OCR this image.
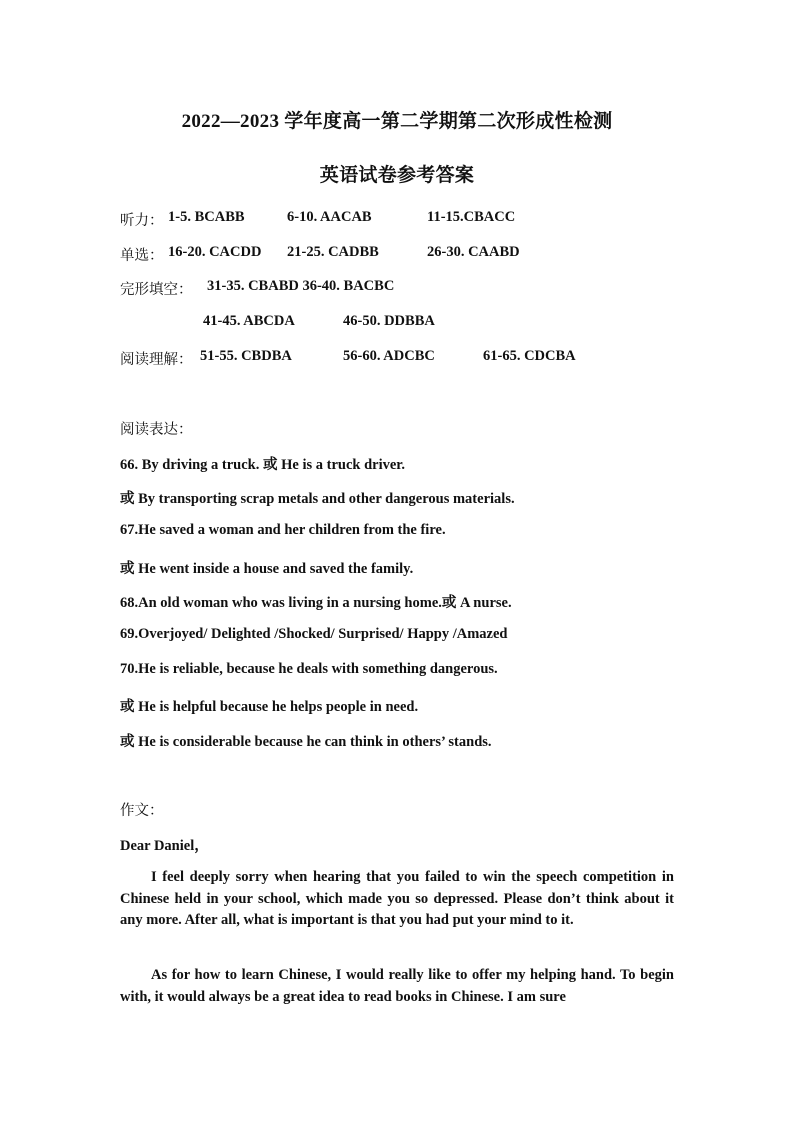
2022—2023 学年度高一第二学期第二次形成性检测
英语试卷参考答案
听力： 1-5. BCABB	6-10. AACAB	11-15.CBACC
单选： 16-20. CACDD 21-25. CADBB	26-30. CAABD
完形填空： 31-35. CBABD 36-40. BACBC
41-45. ABCDA	46-50. DDBBA
阅读理解： 51-55. CBDBA	56-60. ADCBC	61-65. CDCBA
阅读表达：
66. By driving a truck. 或 He is a truck driver.
或 By transporting scrap metals and other dangerous materials.
67.He saved a woman and her children from the fire.
或 He went inside a house and saved the family.
68.An old woman who was living in a nursing home.或 A nurse.
69.Overjoyed/ Delighted /Shocked/ Surprised/ Happy /Amazed
70.He is reliable, because he deals with something dangerous.
或 He is helpful because he helps people in need.
或 He is considerable because he can think in others’ stands.
作文：
Dear Daniel，

I feel deeply sorry when hearing that you failed to win the speech competition in Chinese held in your school, which made you so depressed. Please don’t think about it any more. After all, what is important is that you had put your mind to it.

As for how to learn Chinese, I would really like to offer my helping hand. To begin with, it would always be a great idea to read books in Chinese. I am sure
